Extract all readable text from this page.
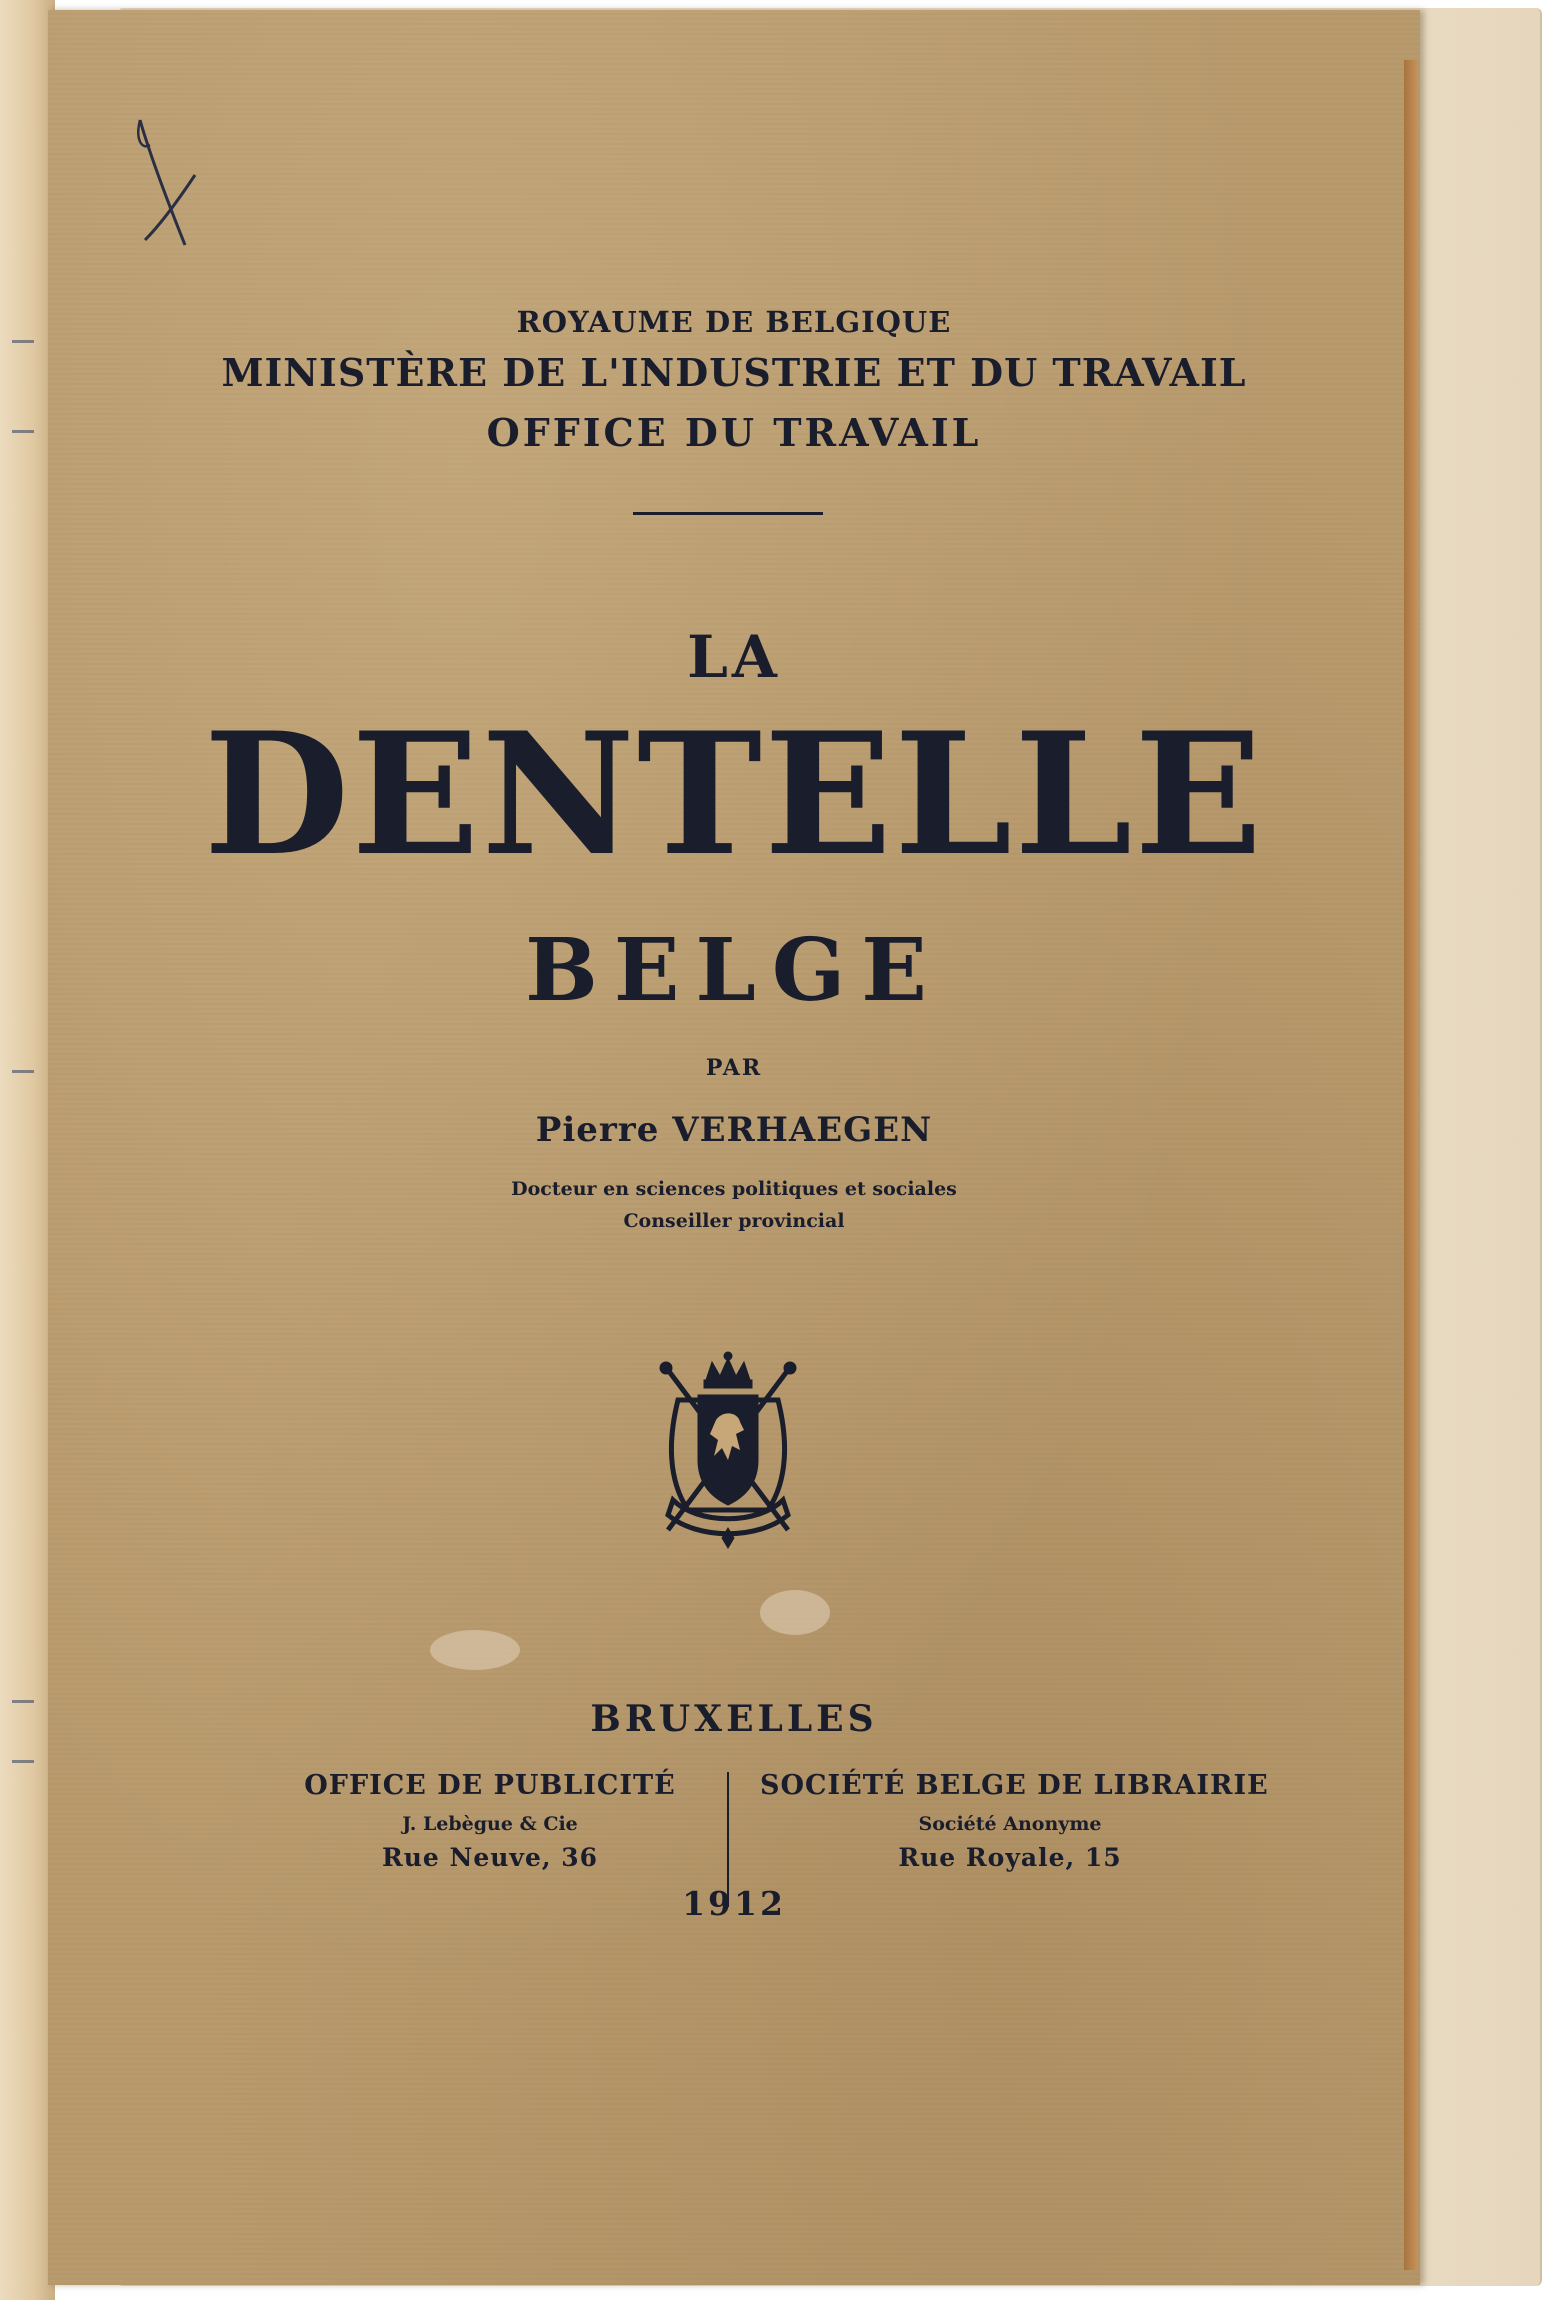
ROYAUME DE BELGIQUE
MINISTÈRE DE L'INDUSTRIE ET DU TRAVAIL
OFFICE DU TRAVAIL
LA
DENTELLE
BELGE
PAR
Pierre VERHAEGEN
Docteur en sciences politiques et sociales
Conseiller provincial
BRUXELLES
OFFICE DE PUBLICITÉ
J. Lebègue & Cie
Rue Neuve, 36
SOCIÉTÉ BELGE DE LIBRAIRIE
Société Anonyme
Rue Royale, 15
1912
